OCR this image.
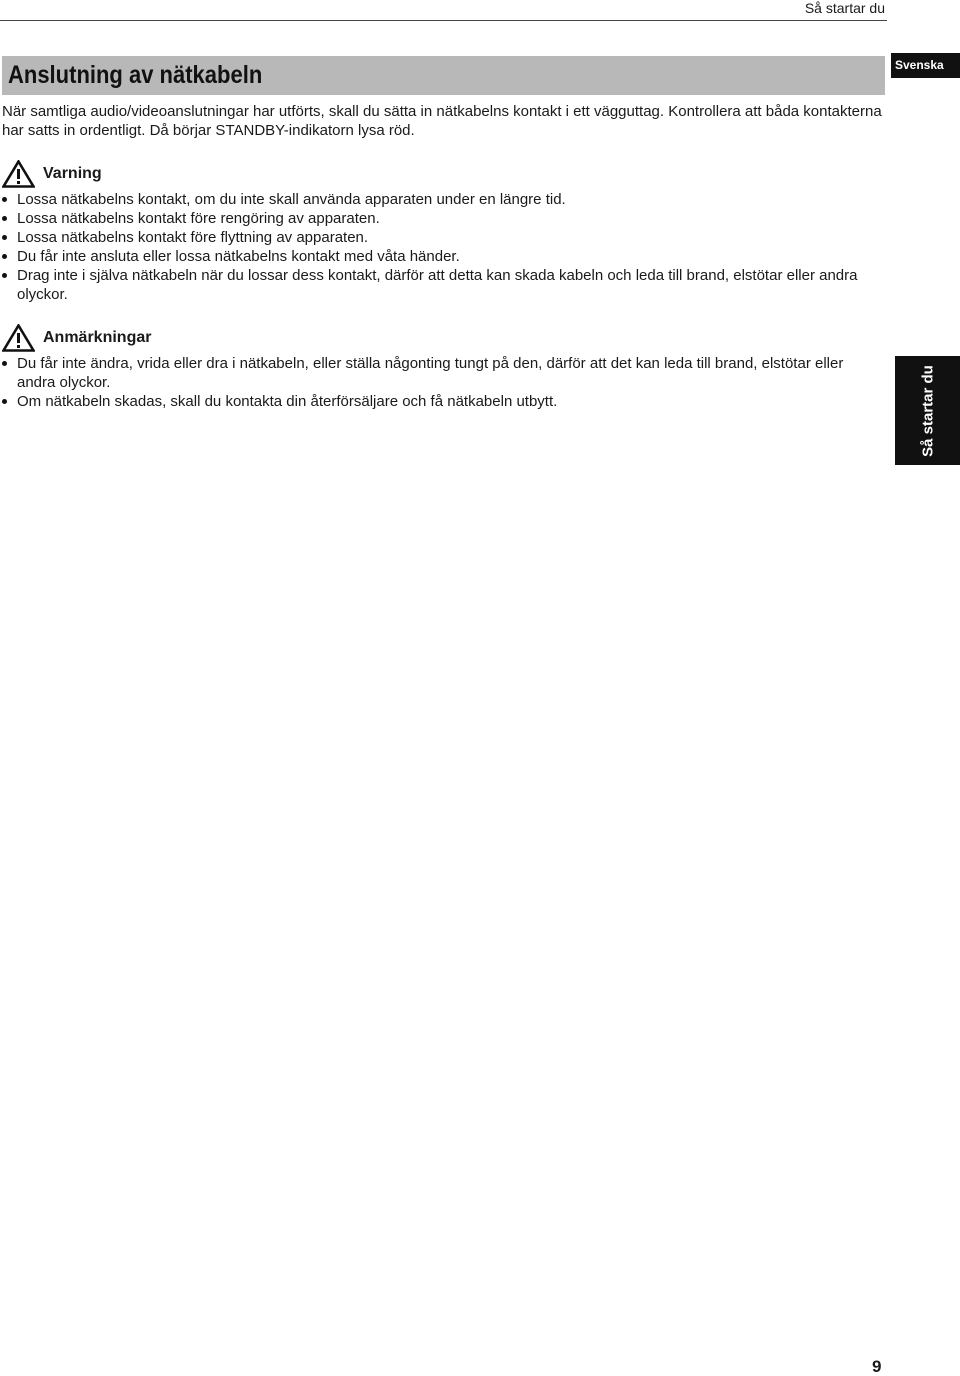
Så startar du
Anslutning av nätkabeln	Svenska
När samtliga audio/videoanslutningar har utförts, skall du sätta in nätkabelns kontakt i ett vägguttag. Kontrollera att båda kontakterna har satts in ordentligt. Då börjar STANDBY-indikatorn lysa röd.
Varning
Lossa nätkabelns kontakt, om du inte skall använda apparaten under en längre tid.
Lossa nätkabelns kontakt före rengöring av apparaten.
Lossa nätkabelns kontakt före flyttning av apparaten.
Du får inte ansluta eller lossa nätkabelns kontakt med våta händer.
Drag inte i själva nätkabeln när du lossar dess kontakt, därför att detta kan skada kabeln och leda till brand, elstötar eller andra olyckor.
Anmärkningar
Du får inte ändra, vrida eller dra i nätkabeln, eller ställa någonting tungt på den, därför att det kan leda till brand, elstötar eller andra olyckor.
Om nätkabeln skadas, skall du kontakta din återförsäljare och få nätkabeln utbytt.	Så startar du
9
